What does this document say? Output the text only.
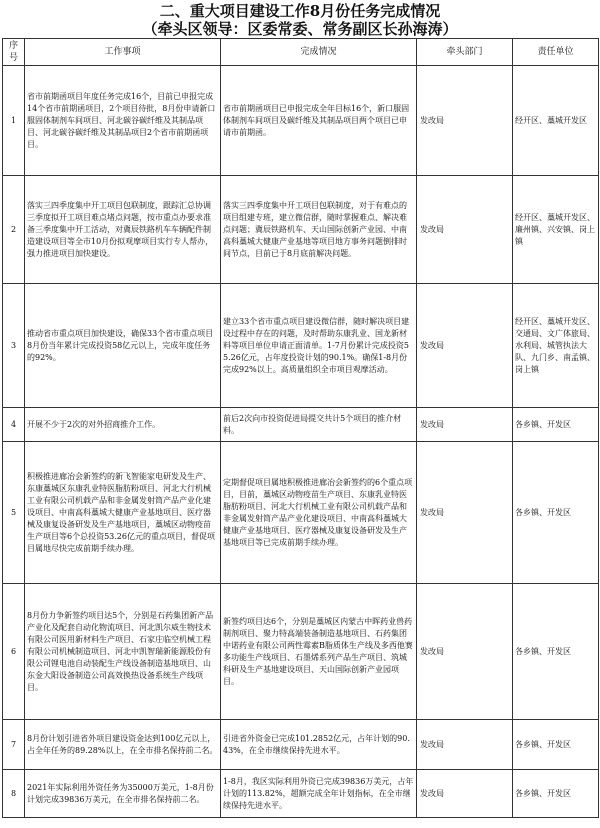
二、重大项目建设工作8月份任务完成情况
（牵头区领导：区委常委、常务副区长孙海涛）
序号	工作事项	完成情况	牵头部门	责任单位
1	省市前期函项目年度任务完成16个，目前已申报完成14个省市前期函项目，2个项目待批，8月份申请新口服固体制剂车间项目、河北碳谷碳纤维及其制品项目、河北碳谷碳纤维及其制品项目2个省市前期函项目。	省市前期函项目已申报完成全年目标16个，新口服固体制剂车间项目及碳纤维及其制品项目两个项目已申请市前期函。	发改局	经开区、藁城开发区
2	落实三四季度集中开工项目包联制度，跟踪汇总协调三季度拟开工项目难点堵点问题，按市重点办要求准备三季度集中开工活动，对冀辰铁路机车车辆配件制造建设项目等全市10月份拟观摩项目实行专人帮办，强力推进项目加快建设。	落实三四季度集中开工项目包联制度，对于有难点的项目组建专班，建立微信群，随时掌握难点、解决难点问题；冀辰铁路机车、天山国际创新产业园、中南高科藁城大健康产业基地等项目地方事务问题倒排时间节点，目前已于8月底前解决问题。	发改局	经开区、藁城开发区、廉州镇、兴安镇、岗上镇
3	推动省市重点项目加快建设，确保33个省市重点项目8月份当年累计完成投资58亿元以上，完成年度任务的92%。	建立33个省市重点项目建设微信群，随时解决项目建设过程中存在的问题，及时帮助东康乳业、国龙新材料等项目单位申请正面清单。1-7月份累计完成投资55.26亿元，占年度投资计划的90.1%。确保1-8月份完成92%以上。高质量组织全市项目观摩活动。	发改局	经开区、藁城开发区、交通局、文广体旅局、水利局、城管执法大队、九门乡、南孟镇、岗上镇
4	开展不少于2次的对外招商推介工作。	前后2次向市投资促进局提交共计5个项目的推介材料。	发改局	各乡镇、开发区
5	积极推进廊冶会新签约的新飞智能家电研发及生产、东康藁城区东康乳业特医脂肪粉项目、河北大行机械工业有限公司机载产品和非金属发射筒产品产业化建设项目、中南高科藁城大健康产业基地项目、医疗器械及康复设备研发及生产基地项目，藁城区动物疫苗生产项目等6个总投资53.26亿元的重点项目，督促项目属地尽快完成前期手续办理。	定期督促项目属地积极推进廊冶会新签约的6个重点项目，目前，藁城区动物疫苗生产项目、东康乳业特医脂肪粉项目、河北大行机械工业有限公司机载产品和非金属发射筒产品产业化建设项目、中南高科藁城大健康产业基地项目、医疗器械及康复设备研发及生产基地项目等已完成前期手续办理。	发改局	各乡镇、开发区
6	8月份力争新签约项目达5个，分别是石药集团新产品产业化及配套自动化物流项目、河北凯尔威生物技术有限公司医用新材料生产项目、石家庄临空机械工程有限公司机械制造项目、河北中凯智瑞新能源股份有限公司锂电池自动装配生产线设备制造基地项目、山东金大阳设备制造公司高效换热设备系统生产线项目。	新签约项目达6个，分别是藁城区内蒙古中晖药业兽药制剂项目、聚力特高端装备制造基地项目、石药集团中诺药业有限公司两性霉素B脂质体生产线及多西他赛多功能生产线项目、石墨烯系列产品生产项目、筑城科研及生产基地建设项目、天山国际创新产业园项目。	发改局	各乡镇、开发区
7	8月份计划引进省外项目建设资金达到100亿元以上，占全年任务的89.28%以上，在全市排名保持前二名。	引进省外资金已完成101.2852亿元，占年计划的90.43%，在全市继续保持先进水平。	发改局	各乡镇、开发区
8	2021年实际利用外资任务为35000万美元，1-8月份计划完成39836万美元，在全市排名保持前二名。	1-8月，我区实际利用外资已完成39836万美元，占年计划的113.82%，超额完成全年计划指标，在全市继续保持先进水平。	发改局	各乡镇、开发区
